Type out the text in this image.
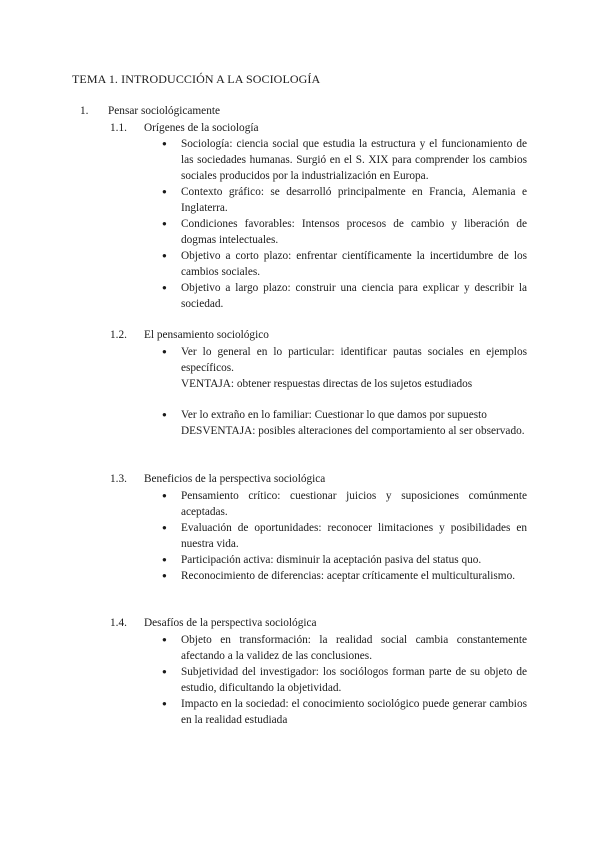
TEMA 1. INTRODUCCIÓN A LA SOCIOLOGÍA
1. Pensar sociológicamente
1.1. Orígenes de la sociología
● Sociología: ciencia social que estudia la estructura y el funcionamiento de las sociedades humanas. Surgió en el S. XIX para comprender los cambios sociales producidos por la industrialización en Europa.
● Contexto gráfico: se desarrolló principalmente en Francia, Alemania e Inglaterra.
● Condiciones favorables: Intensos procesos de cambio y liberación de dogmas intelectuales.
● Objetivo a corto plazo: enfrentar científicamente la incertidumbre de los cambios sociales.
● Objetivo a largo plazo: construir una ciencia para explicar y describir la sociedad.
1.2. El pensamiento sociológico
● Ver lo general en lo particular: identificar pautas sociales en ejemplos específicos.
VENTAJA: obtener respuestas directas de los sujetos estudiados
● Ver lo extraño en lo familiar: Cuestionar lo que damos por supuesto
DESVENTAJA: posibles alteraciones del comportamiento al ser observado.
1.3. Beneficios de la perspectiva sociológica
● Pensamiento crítico: cuestionar juicios y suposiciones comúnmente aceptadas.
● Evaluación de oportunidades: reconocer limitaciones y posibilidades en nuestra vida.
● Participación activa: disminuir la aceptación pasiva del status quo.
● Reconocimiento de diferencias: aceptar críticamente el multiculturalismo.
1.4. Desafíos de la perspectiva sociológica
● Objeto en transformación: la realidad social cambia constantemente afectando a la validez de las conclusiones.
● Subjetividad del investigador: los sociólogos forman parte de su objeto de estudio, dificultando la objetividad.
● Impacto en la sociedad: el conocimiento sociológico puede generar cambios en la realidad estudiada
